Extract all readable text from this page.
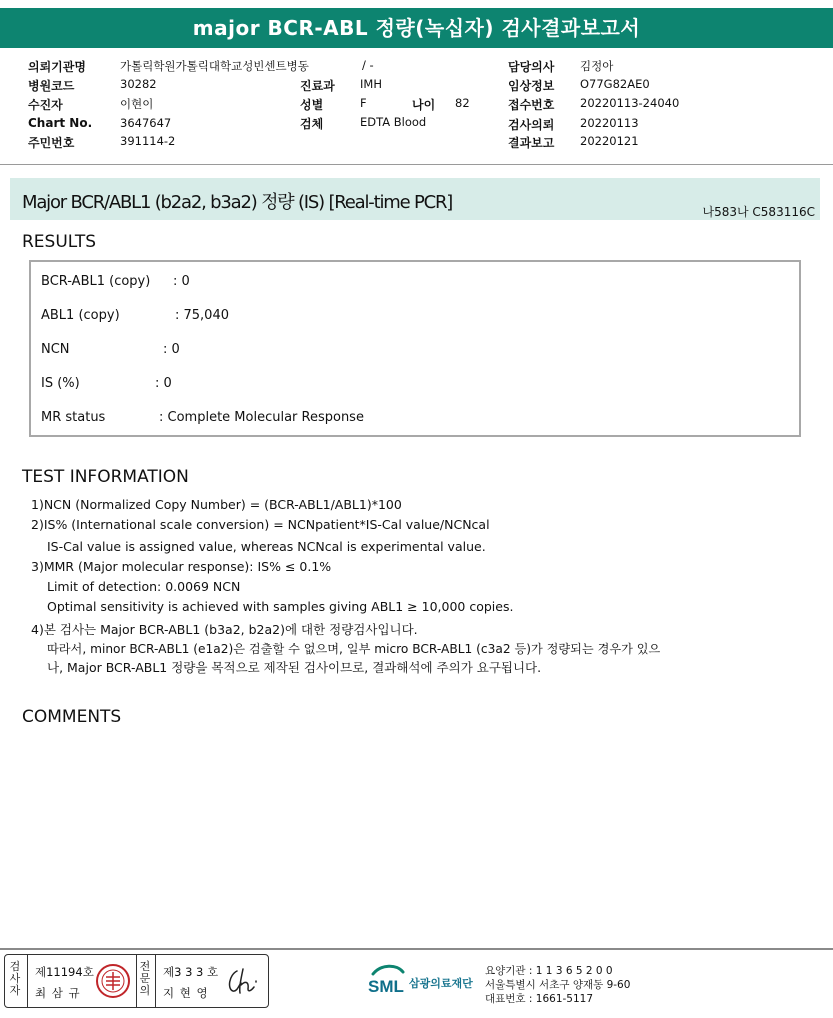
major BCR-ABL 정량(녹십자) 검사결과보고서
의뢰기관명	가톨릭학원가톨릭대학교성빈센트병동	/ -
병원코드	30282	진료과 IMH
수진자	이현이	성별	F	나이 82
Chart No. 3647647	검체	EDTA Blood
주민번호	391114-2
담당의사 김정아
임상정보 O77G82AE0
접수번호 20220113-24040
검사의뢰 20220113
결과보고 20220121
Major BCR/ABL1 (b2a2, b3a2) 정량 (IS) [Real-time PCR]	나583나 C583116C
RESULTS
BCR-ABL1 (copy) : 0
ABL1 (copy)	: 75,040
NCN	: 0
IS (%)	: 0
MR status	: Complete Molecular Response
TEST INFORMATION
1)NCN (Normalized Copy Number) = (BCR-ABL1/ABL1)*100
2)IS% (International scale conversion) = NCNpatient*IS-Cal value/NCNcal
IS-Cal value is assigned value, whereas NCNcal is experimental value.
3)MMR (Major molecular response): IS% ≤ 0.1%
Limit of detection: 0.0069 NCN
Optimal sensitivity is achieved with samples giving ABL1 ≥ 10,000 copies.
4)본 검사는 Major BCR-ABL1 (b3a2, b2a2)에 대한 정량검사입니다.
따라서, minor BCR-ABL1 (e1a2)은 검출할 수 없으며, 일부 micro BCR-ABL1 (c3a2 등)가 정량되는 경우가 있으
나, Major BCR-ABL1 정량을 목적으로 제작된 검사이므로, 결과해석에 주의가 요구됩니다.
COMMENTS
검
사
자
제11194호
최 삼 규
전
문
의
제3 3 3 호
지 현 영	SML 삼광의료재단
요양기관 : 1 1 3 6 5 2 0 0
서울특별시 서초구 양재동 9-60
대표번호 : 1661-5117
